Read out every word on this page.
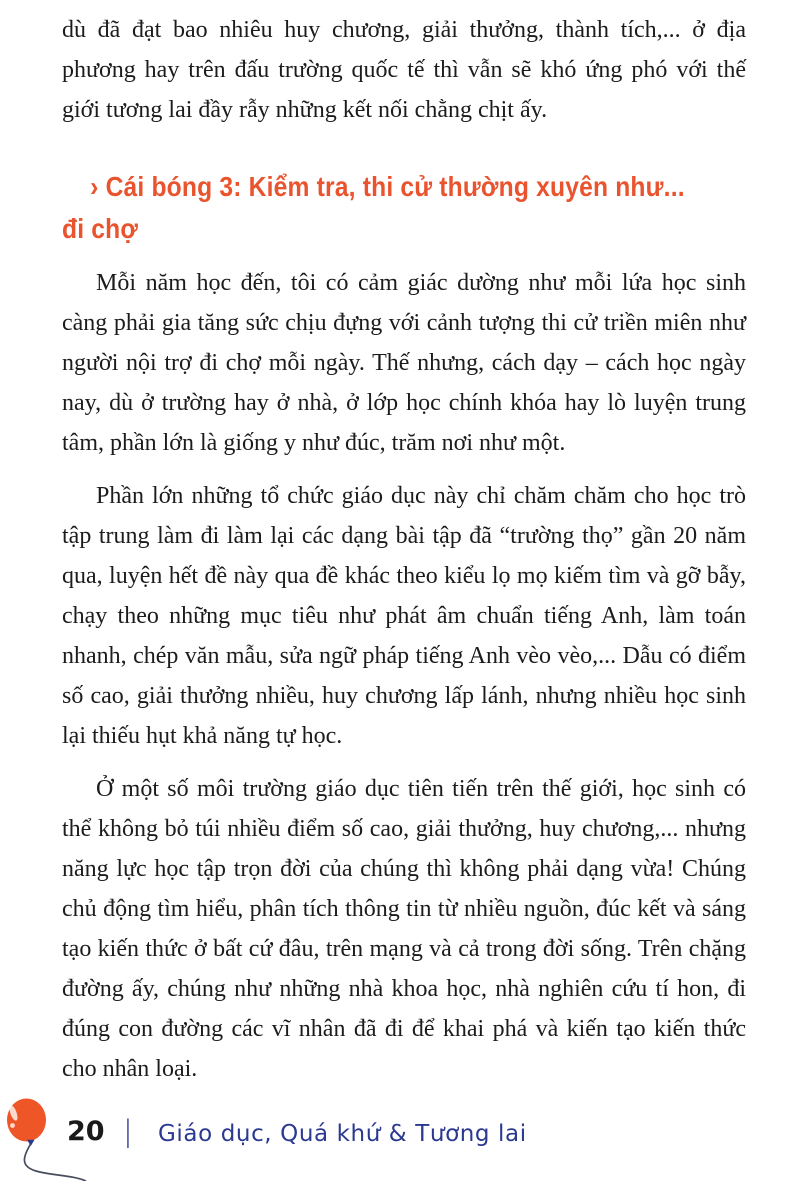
dù đã đạt bao nhiêu huy chương, giải thưởng, thành tích,... ở địa phương hay trên đấu trường quốc tế thì vẫn sẽ khó ứng phó với thế giới tương lai đầy rẫy những kết nối chằng chịt ấy.

› Cái bóng 3: Kiểm tra, thi cử thường xuyên như...
đi chợ

Mỗi năm học đến, tôi có cảm giác dường như mỗi lứa học sinh càng phải gia tăng sức chịu đựng với cảnh tượng thi cử triền miên như người nội trợ đi chợ mỗi ngày. Thế nhưng, cách dạy – cách học ngày nay, dù ở trường hay ở nhà, ở lớp học chính khóa hay lò luyện trung tâm, phần lớn là giống y như đúc, trăm nơi như một.

Phần lớn những tổ chức giáo dục này chỉ chăm chăm cho học trò tập trung làm đi làm lại các dạng bài tập đã “trường thọ” gần 20 năm qua, luyện hết đề này qua đề khác theo kiểu lọ mọ kiếm tìm và gỡ bẫy, chạy theo những mục tiêu như phát âm chuẩn tiếng Anh, làm toán nhanh, chép văn mẫu, sửa ngữ pháp tiếng Anh vèo vèo,... Dẫu có điểm số cao, giải thưởng nhiều, huy chương lấp lánh, nhưng nhiều học sinh lại thiếu hụt khả năng tự học.

Ở một số môi trường giáo dục tiên tiến trên thế giới, học sinh có thể không bỏ túi nhiều điểm số cao, giải thưởng, huy chương,... nhưng năng lực học tập trọn đời của chúng thì không phải dạng vừa! Chúng chủ động tìm hiểu, phân tích thông tin từ nhiều nguồn, đúc kết và sáng tạo kiến thức ở bất cứ đâu, trên mạng và cả trong đời sống. Trên chặng đường ấy, chúng như những nhà khoa học, nhà nghiên cứu tí hon, đi đúng con đường các vĩ nhân đã đi để khai phá và kiến tạo kiến thức cho nhân loại.

20 | Giáo dục, Quá khứ & Tương lai
